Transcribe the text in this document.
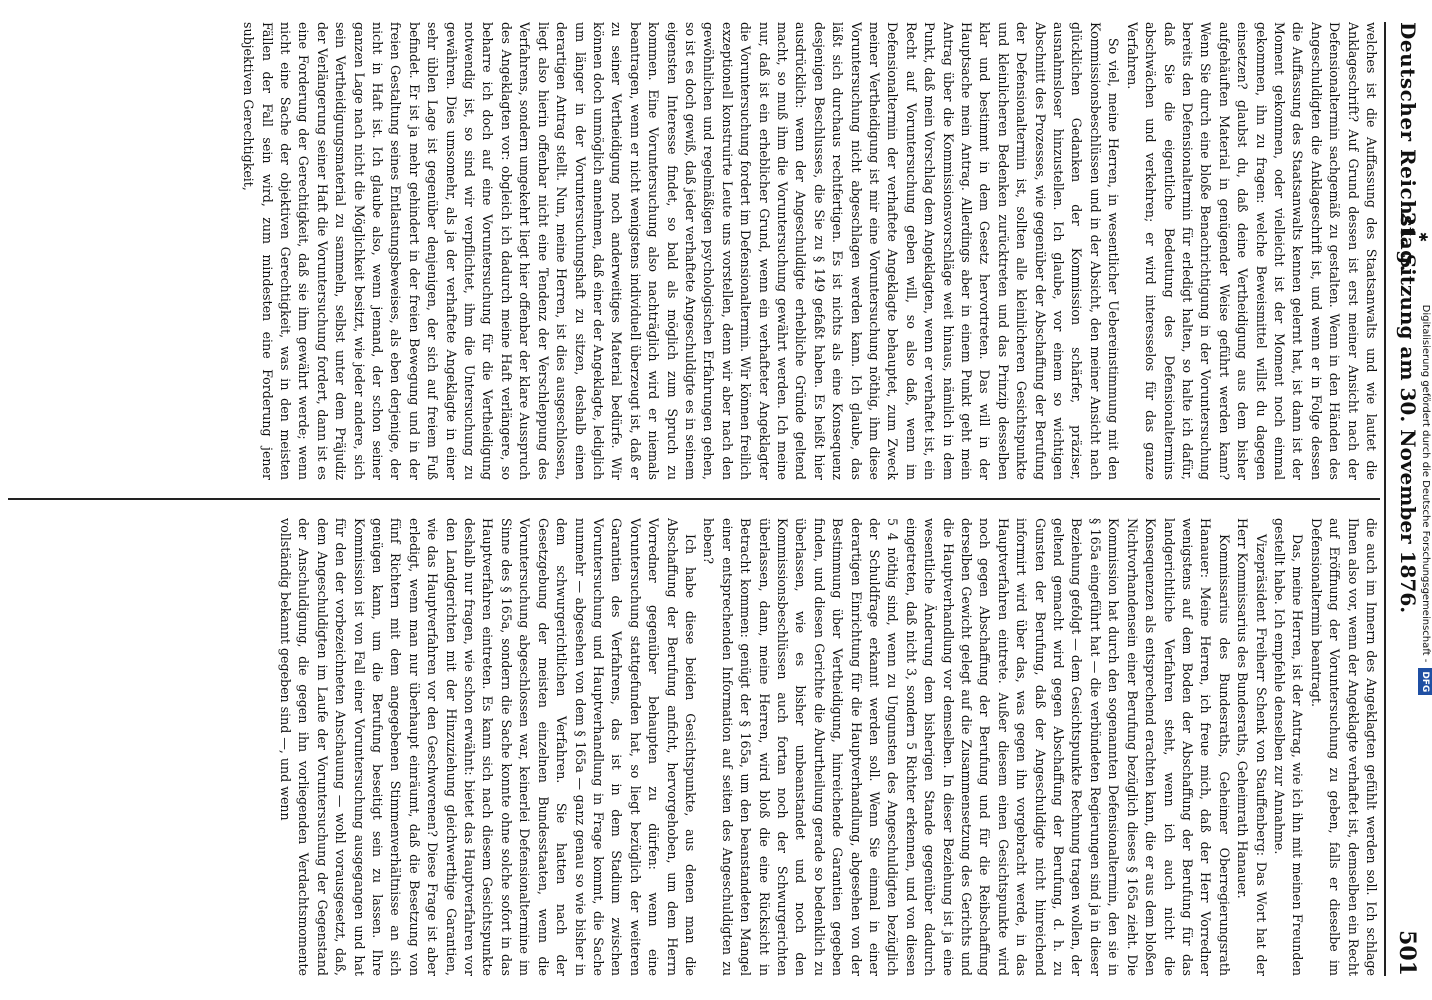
Deutscher Reichstag.
✱
21. Sitzung am 30. November 1876.
501

welches ist die Auffassung des Staatsanwalts und wie lautet die Anklageschrift? Auf Grund dessen ist erst meiner Ansicht nach der Defensionaltermin sachgemäß zu gestalten. Wenn in den Händen des Angeschuldigten die Anklageschrift ist, und wenn er in Folge dessen die Auffassung des Staatsanwalts kennen gelernt hat, ist dann ist der Moment gekommen, oder vielleicht ist der Moment noch einmal gekommen, ihn zu fragen: welche Beweismittel willst du dagegen einsetzen? glaubst du, daß deine Vertheidigung aus dem bisher aufgehäuften Material in genügender Weise geführt werden kann? Wenn Sie durch eine bloße Benachrichtigung in der Voruntersuchung bereits den Defensionaltermin für erledigt halten, so halte ich dafür, daß Sie die eigentliche Bedeutung des Defensionaltermins abschwächen und verkehren; er wird interesselos für das ganze Verfahren.

So viel, meine Herren, in wesentlicher Uebereinstimmung mit den Kommissionsbeschlüssen und in der Absicht, den meiner Ansicht nach glücklichen Gedanken der Kommission schärfer, präziser, ausnahmsloser hinzustellen. Ich glaube, vor einem so wichtigen Abschnitt des Prozesses, wie gegenüber der Abschaffung der Berufung der Defensionaltermin ist, sollten alle kleinlicheren Gesichtspunkte und kleinlicheren Bedenken zurücktreten und das Prinzip desselben klar und bestimmt in dem Gesetz hervortreten. Das will in der Hauptsache mein Antrag. Allerdings aber in einem Punkt geht mein Antrag über die Kommissionsvorschläge weit hinaus, nämlich in dem Punkt, daß mein Vorschlag dem Angeklagten, wenn er verhaftet ist, ein Recht auf Voruntersuchung geben will, so also daß, wenn im Defensionaltermin der verhaftete Angeklagte behauptet, zum Zweck meiner Vertheidigung ist mir eine Voruntersuchung nöthig, ihm diese Voruntersuchung nicht abgeschlagen werden kann. Ich glaube, das läßt sich durchaus rechtfertigen. Es ist nichts als eine Konsequenz desjenigen Beschlusses, die Sie zu § 149 gefaßt haben. Es heißt hier ausdrücklich: wenn der Angeschuldigte erhebliche Gründe geltend macht, so muß ihm die Voruntersuchung gewährt werden. Ich meine nur, daß ist ein erheblicher Grund, wenn ein verhafteter Angeklagter die Voruntersuchung fordert im Defensionaltermin. Wir können freilich exzeptionell konstruirte Leute uns vorstellen, denn wir aber nach den gewöhnlichen und regelmäßigen psychologischen Erfahrungen gehen, so ist es doch gewiß, daß jeder verhaftete Angeschuldigte es in seinem eigensten Interesse findet, so bald als möglich zum Spruch zu kommen. Eine Voruntersuchung also nachträglich wird er niemals beantragen, wenn er nicht wenigstens individuell überzeugt ist, daß er zu seiner Vertheidigung noch anderweitiges Material bedürfe. Wir können doch unmöglich annehmen, daß einer der Angeklagte, lediglich um länger in der Voruntersuchungshaft zu sitzen, deshalb einen derartigen Antrag stellt. Nun, meine Herren, ist dies ausgeschlossen, liegt also hierin offenbar nicht eine Tendenz der Verschleppung des Verfahrens, sondern umgekehrt liegt hier offenbar der klare Ausspruch des Angeklagten vor: obgleich ich dadurch meine Haft verlängere, so beharre ich doch auf eine Voruntersuchung für die Vertheidigung notwendig ist, so sind wir verpflichtet, ihm die Untersuchung zu gewähren. Dies umsomehr, als ja der verhaftete Angeklagte in einer sehr üblen Lage ist gegenüber denjenigen, der sich auf freiem Fuß befindet. Er ist ja mehr gehindert in der freien Bewegung und in der freien Gestaltung seines Entlastungsbeweises, als eben derjenige, der nicht in Haft ist. Ich glaube also, wenn jemand, der schon seiner ganzen Lage nach nicht die Möglichkeit besitzt, wie jeder andere, sich sein Vertheidigungsmaterial zu sammeln, selbst unter dem Präjudiz der Verlängerung seiner Haft die Voruntersuchung fordert, dann ist es eine Forderung der Gerechtigkeit, daß sie ihm gewährt werde; wenn nicht eine Sache der objektiven Gerechtigkeit, was in den meisten Fällen der Fall sein wird, zum mindesten eine Forderung jener subjektiven Gerechtigkeit,

die auch im Innern des Angeklagten gefühlt werden soll. Ich schlage Ihnen also vor, wenn der Angeklagte verhaftet ist, demselben ein Recht auf Eröffnung der Voruntersuchung zu geben, falls er dieselbe im Defensionaltermin beantragt.

Das, meine Herren, ist der Antrag, wie ich ihn mit meinen Freunden gestellt habe. Ich empfehle denselben zur Annahme.

Vizepräsident Freiherr Schenk von Stauffenberg: Das Wort hat der Herr Kommissarius des Bundesraths, Geheimrath Hanauer.

Kommissarius des Bundesraths, Geheimer Oberregierungsrath Hanauer: Meine Herren, ich freue mich, daß der Herr Vorredner wenigstens auf dem Boden der Abschaffung der Berufung für das landgerichtliche Verfahren steht, wenn ich auch nicht die Konsequenzen als entsprechend erachten kann, die er aus dem bloßen Nichtvorhandensein einer Berufung bezüglich dieses § 165a zieht. Die Kommission hat durch den sogenannten Defensionaltermin, den sie in § 165a eingeführt hat — die verbündeten Regierungen sind ja in dieser Beziehung gefolgt — dem Gesichtspunkte Rechnung tragen wollen, der geltend gemacht wird gegen Abschaffung der Berufung, d. h. zu Gunsten der Berufung, daß der Angeschuldigte nicht hinreichend informirt wird über das, was gegen ihn vorgebracht werde, in das Hauptverfahren eintrete. Außer diesem einen Gesichtspunkte wird noch gegen Abschaffung der Berufung und für die Reibschaffung derselben Gewicht gelegt auf die Zusammensetzung des Gerichts und die Hauptverhandlung vor demselben. In dieser Beziehung ist ja eine wesentliche Änderung dem bisherigen Stande gegenüber dadurch eingetreten, daß nicht 3, sondern 5 Richter erkennen, und von diesen 5 4 nöthig sind, wenn zu Ungunsten des Angeschuldigten bezüglich der Schuldfrage erkannt werden soll. Wenn Sie einmal in einer derartigen Einrichtung für die Hauptverhandlung, abgesehen von der Bestimmung über Vertheidigung, hinreichende Garantien gegeben finden, und diesen Gerichte die Aburtheilung gerade so bedenklich zu überlassen, wie es bisher unbeanstandet und noch den Kommissionsbeschlüssen auch fortan noch der Schwurgerichten überlassen, dann, meine Herren, wird bloß die eine Rücksicht in Betracht kommen: genügt der § 165a, um den beanstandeten Mangel einer entsprechenden Information auf seiten des Angeschuldigten zu heben?

Ich habe diese beiden Gesichtspunkte, aus denen man die Abschaffung der Berufung anficht, hervorgehoben, um dem Herrn Vorredner gegenüber behaupten zu dürfen: wenn eine Voruntersuchung stattgefunden hat, so liegt bezüglich der weiteren Garantien des Verfahrens, das ist in dem Stadium zwischen Voruntersuchung und Hauptverhandlung in Frage kommt, die Sache nunmehr — abgesehen von dem § 165a — ganz genau so wie bisher in dem schwurgerichtlichen Verfahren. Sie hatten nach der Gesetzgebung der meisten einzelnen Bundesstaaten, wenn die Voruntersuchung abgeschlossen war, keinerlei Defensionaltermine im Sinne des § 165a, sondern die Sache konnte ohne solche sofort in das Hauptverfahren eintreten. Es kann sich nach diesem Gesichtspunkte deshalb nur fragen, wie schon erwähnt: bietet das Hauptverfahren vor den Landgerichten mit der Hinzuziehung gleichwerthige Garantien, wie das Hauptverfahren vor den Geschworenen? Diese Frage ist aber erledigt, wenn man nur überhaupt einräumt, daß die Besetzung von fünf Richtern mit dem angegebenen Stimmenverhältnisse an sich genügen kann, um die Berufung beseitigt sein zu lassen. Ihre Kommission ist von Fall einer Voruntersuchung ausgegangen und hat für den der vorbezeichneten Anschauung — wohl vorausgesetzt, daß, dem Angeschuldigten im Laufe der Voruntersuchung der Gegenstand der Anschuldigung, die gegen ihn vorliegenden Verdachtsmomente vollständig bekannt gegeben sind —, und wenn

Digitalisierung gefördert durch die Deutsche Forschungsgemeinschaft -DFG
